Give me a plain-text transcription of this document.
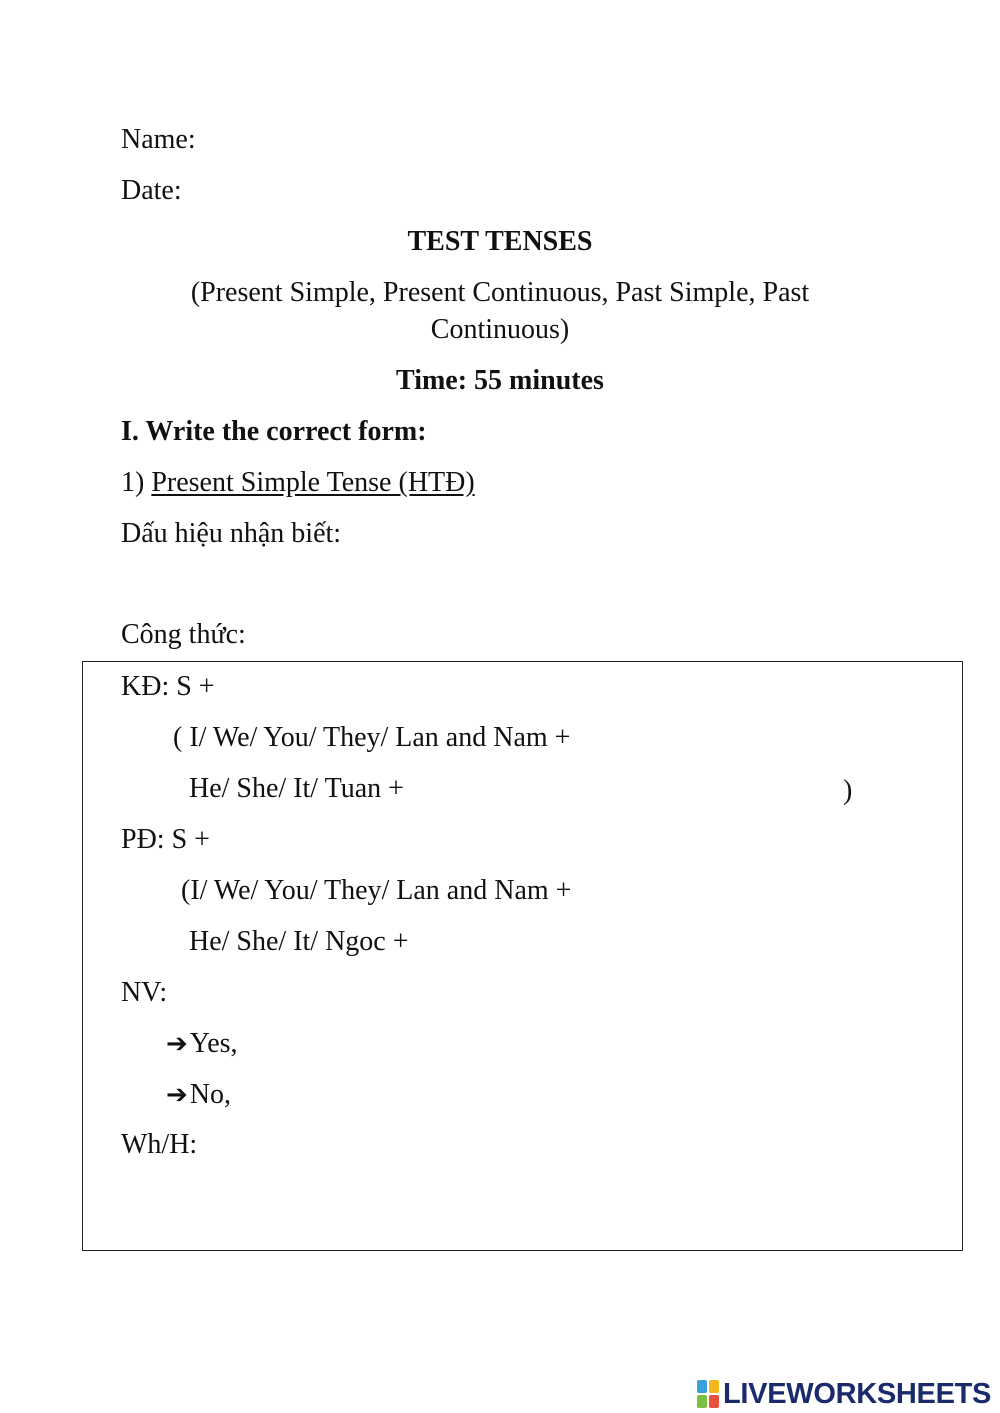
Name:
Date:
TEST TENSES
(Present Simple, Present Continuous, Past Simple, Past
Continuous)
Time: 55 minutes
I. Write the correct form:
1) Present Simple Tense (HTĐ)
Dấu hiệu nhận biết:
Công thức:
KĐ: S +
( I/ We/ You/ They/ Lan and Nam +
He/ She/ It/ Tuan +	)
PĐ: S +
(I/ We/ You/ They/ Lan and Nam +
He/ She/ It/ Ngoc +
NV:
➔Yes,
➔No,
Wh/H:
LIVEWORKSHEETS
